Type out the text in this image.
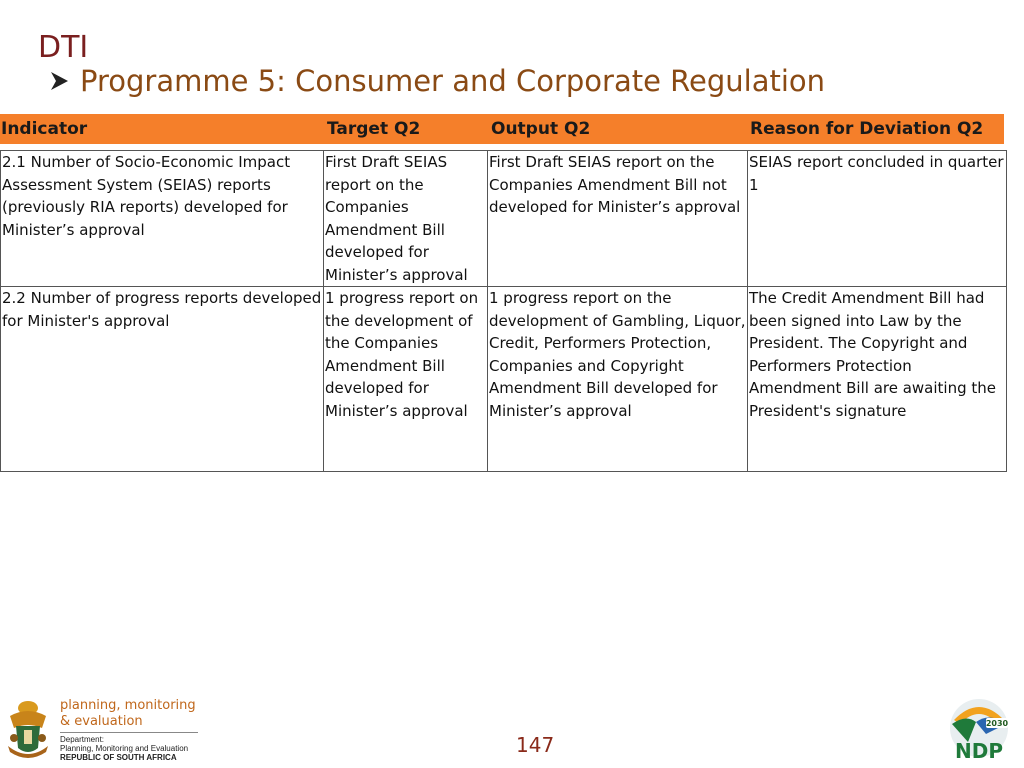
DTI
Programme 5: Consumer and Corporate Regulation
Indicator	Target Q2	Output Q2	Reason for Deviation Q2
2.1 Number of Socio-Economic Impact Assessment System (SEIAS) reports (previously RIA reports) developed for Minister’s approval	First Draft SEIAS report on the Companies Amendment Bill developed for Minister’s approval	First Draft SEIAS report on the Companies Amendment Bill not developed for Minister’s approval	SEIAS report concluded in quarter 1
2.2 Number of progress reports developed for Minister's approval	1 progress report on the development of the Companies Amendment Bill developed for Minister’s approval	1 progress report on the development of Gambling, Liquor, Credit, Performers Protection, Companies and Copyright Amendment Bill developed for Minister’s approval	The Credit Amendment Bill had been signed into Law by the President. The Copyright and Performers Protection Amendment Bill are awaiting the President's signature
planning, monitoring
& evaluation
Department:
Planning, Monitoring and Evaluation
REPUBLIC OF SOUTH AFRICA
147
2030
NDP
